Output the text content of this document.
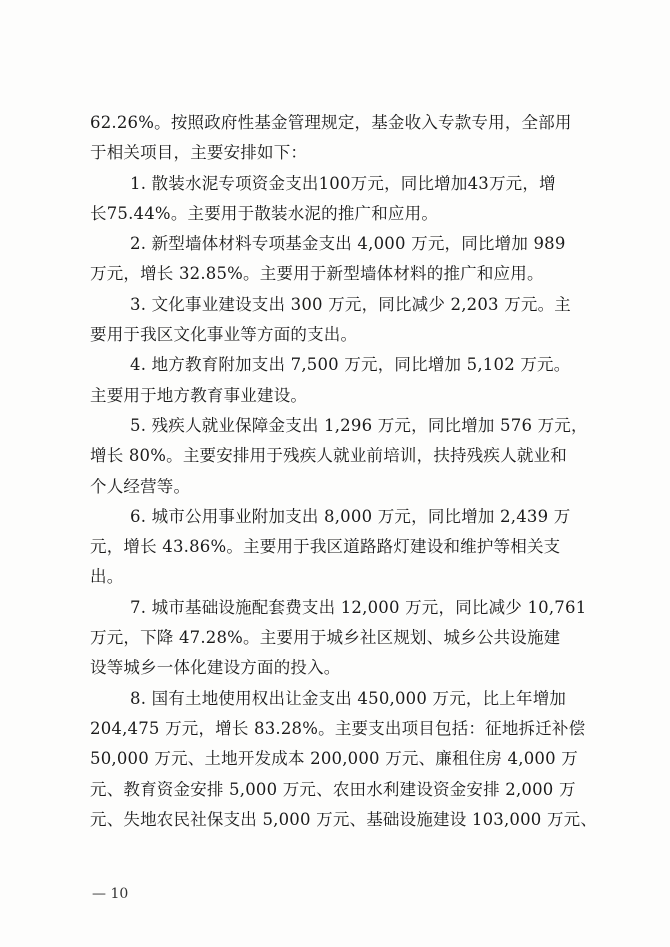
62.26%。按照政府性基金管理规定，基金收入专款专用，全部用
于相关项目，主要安排如下：
1. 散装水泥专项资金支出100万元，同比增加43万元，增
长75.44%。主要用于散装水泥的推广和应用。
2. 新型墙体材料专项基金支出 4,000 万元，同比增加 989
万元，增长 32.85%。主要用于新型墙体材料的推广和应用。
3. 文化事业建设支出 300 万元，同比减少 2,203 万元。主
要用于我区文化事业等方面的支出。
4. 地方教育附加支出 7,500 万元，同比增加 5,102 万元。
主要用于地方教育事业建设。
5. 残疾人就业保障金支出 1,296 万元，同比增加 576 万元，
增长 80%。主要安排用于残疾人就业前培训，扶持残疾人就业和
个人经营等。
6. 城市公用事业附加支出 8,000 万元，同比增加 2,439 万
元，增长 43.86%。主要用于我区道路路灯建设和维护等相关支
出。
7. 城市基础设施配套费支出 12,000 万元，同比减少 10,761
万元，下降 47.28%。主要用于城乡社区规划、城乡公共设施建
设等城乡一体化建设方面的投入。
8. 国有土地使用权出让金支出 450,000 万元，比上年增加
204,475 万元，增长 83.28%。主要支出项目包括：征地拆迁补偿
50,000 万元、土地开发成本 200,000 万元、廉租住房 4,000 万
元、教育资金安排 5,000 万元、农田水利建设资金安排 2,000 万
元、失地农民社保支出 5,000 万元、基础设施建设 103,000 万元、
— 10
